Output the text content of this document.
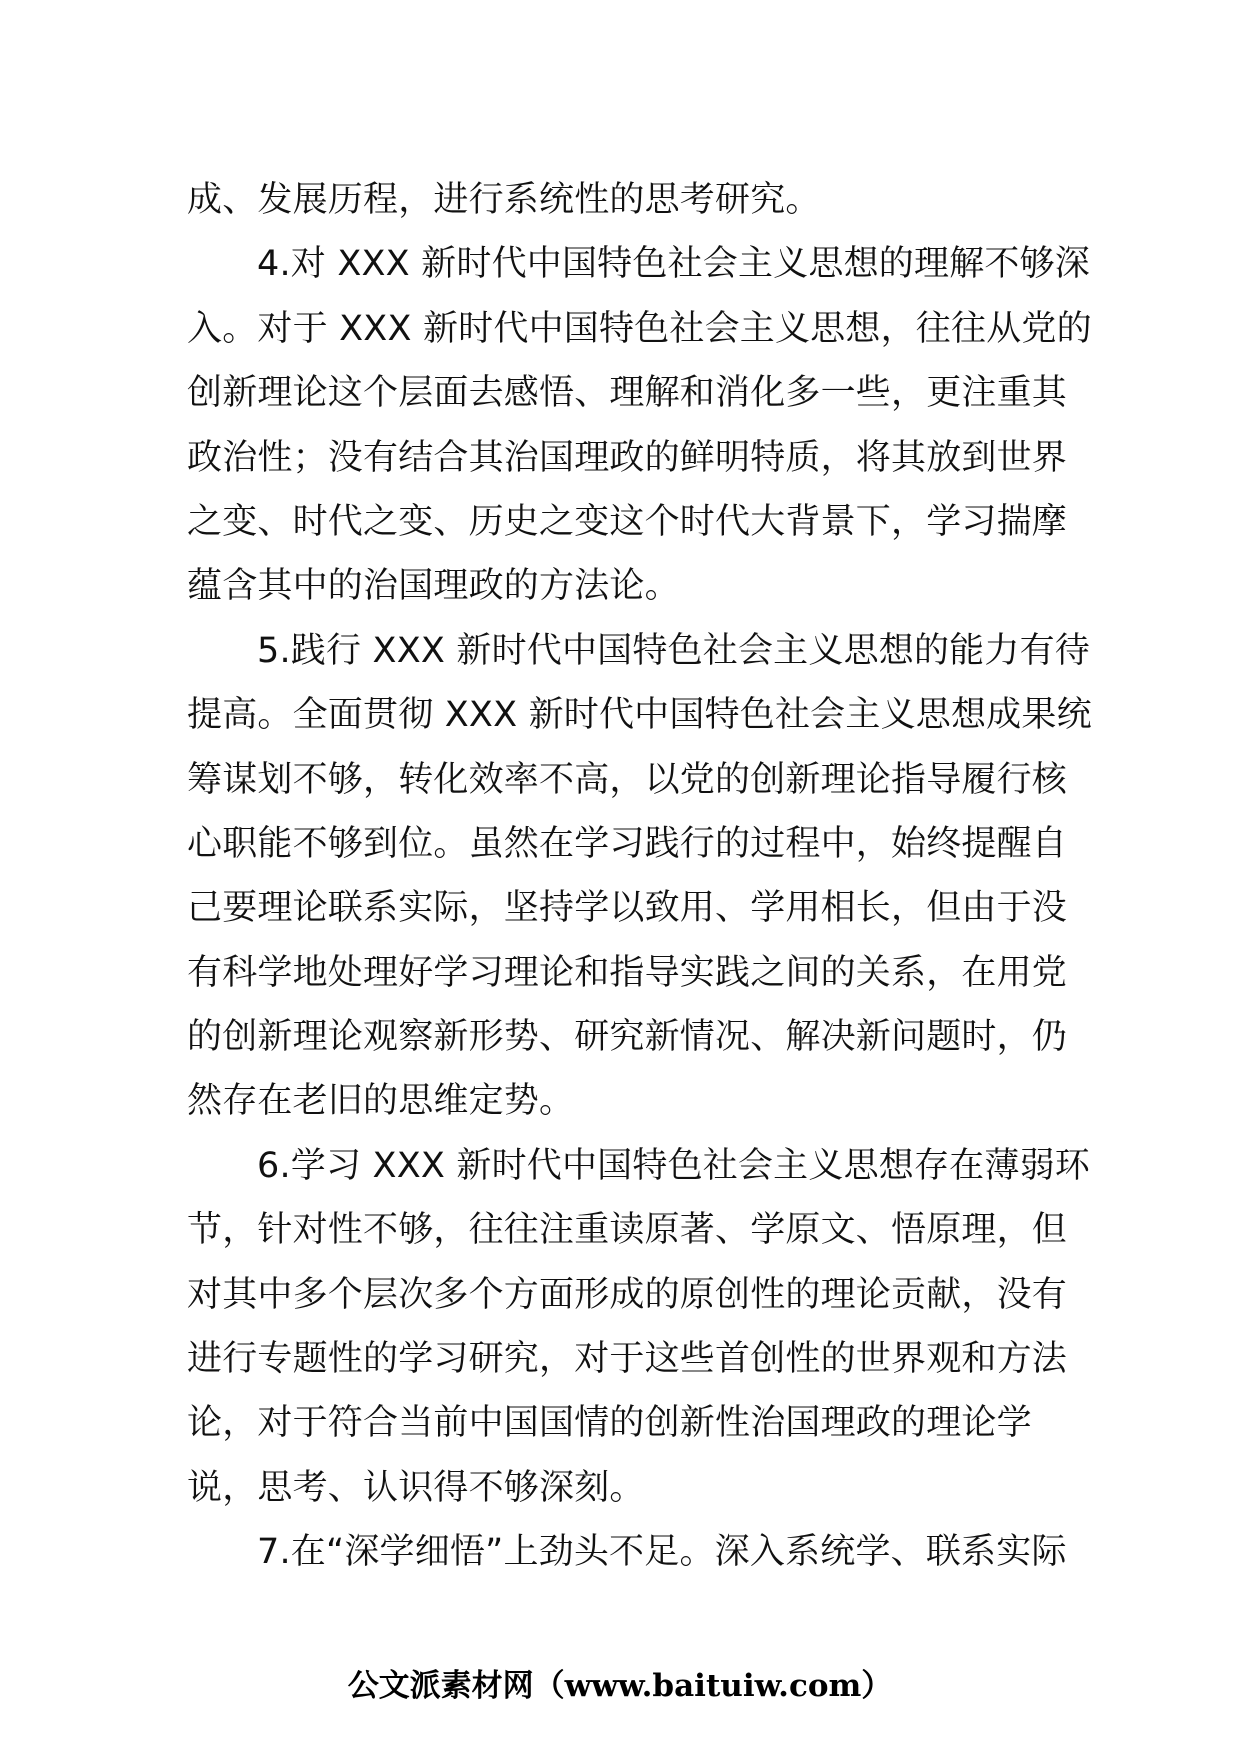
成、发展历程，进行系统性的思考研究。
4.对 XXX 新时代中国特色社会主义思想的理解不够深
入。对于 XXX 新时代中国特色社会主义思想，往往从党的
创新理论这个层面去感悟、理解和消化多一些，更注重其
政治性；没有结合其治国理政的鲜明特质，将其放到世界
之变、时代之变、历史之变这个时代大背景下，学习揣摩
蕴含其中的治国理政的方法论。
5.践行 XXX 新时代中国特色社会主义思想的能力有待
提高。全面贯彻 XXX 新时代中国特色社会主义思想成果统
筹谋划不够，转化效率不高，以党的创新理论指导履行核
心职能不够到位。虽然在学习践行的过程中，始终提醒自
己要理论联系实际，坚持学以致用、学用相长，但由于没
有科学地处理好学习理论和指导实践之间的关系，在用党
的创新理论观察新形势、研究新情况、解决新问题时，仍
然存在老旧的思维定势。
6.学习 XXX 新时代中国特色社会主义思想存在薄弱环
节，针对性不够，往往注重读原著、学原文、悟原理，但
对其中多个层次多个方面形成的原创性的理论贡献，没有
进行专题性的学习研究，对于这些首创性的世界观和方法
论，对于符合当前中国国情的创新性治国理政的理论学
说，思考、认识得不够深刻。
7.在“深学细悟”上劲头不足。深入系统学、联系实际
公文派素材网（www.baituiw.com）
